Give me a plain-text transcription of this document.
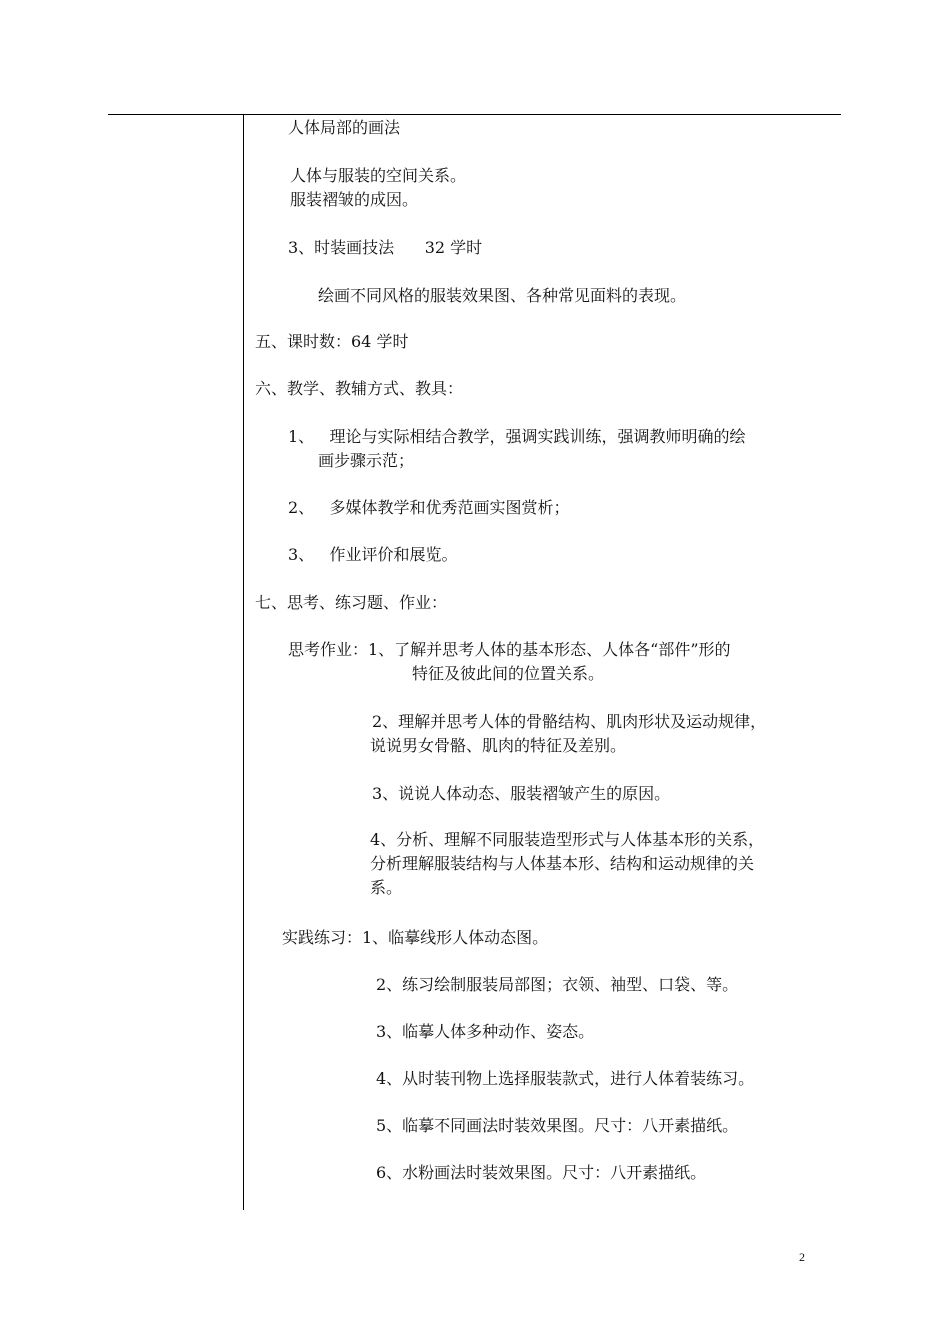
人体局部的画法
人体与服装的空间关系。
服装褶皱的成因。
3、时装画技法      32 学时
绘画不同风格的服装效果图、各种常见面料的表现。
五、课时数：64 学时
六、教学、教辅方式、教具：
1、   理论与实际相结合教学，强调实践训练，强调教师明确的绘
画步骤示范；
2、   多媒体教学和优秀范画实图赏析；
3、   作业评价和展览。
七、思考、练习题、作业：
思考作业：1、了解并思考人体的基本形态、人体各“部件”形的
特征及彼此间的位置关系。
2、理解并思考人体的骨骼结构、肌肉形状及运动规律，
说说男女骨骼、肌肉的特征及差别。
3、说说人体动态、服装褶皱产生的原因。
4、分析、理解不同服装造型形式与人体基本形的关系，
分析理解服装结构与人体基本形、结构和运动规律的关
系。
实践练习：1、临摹线形人体动态图。
2、练习绘制服装局部图；衣领、袖型、口袋、等。
3、临摹人体多种动作、姿态。
4、从时装刊物上选择服装款式，进行人体着装练习。
5、临摹不同画法时装效果图。尺寸：八开素描纸。
6、水粉画法时装效果图。尺寸：八开素描纸。
2
